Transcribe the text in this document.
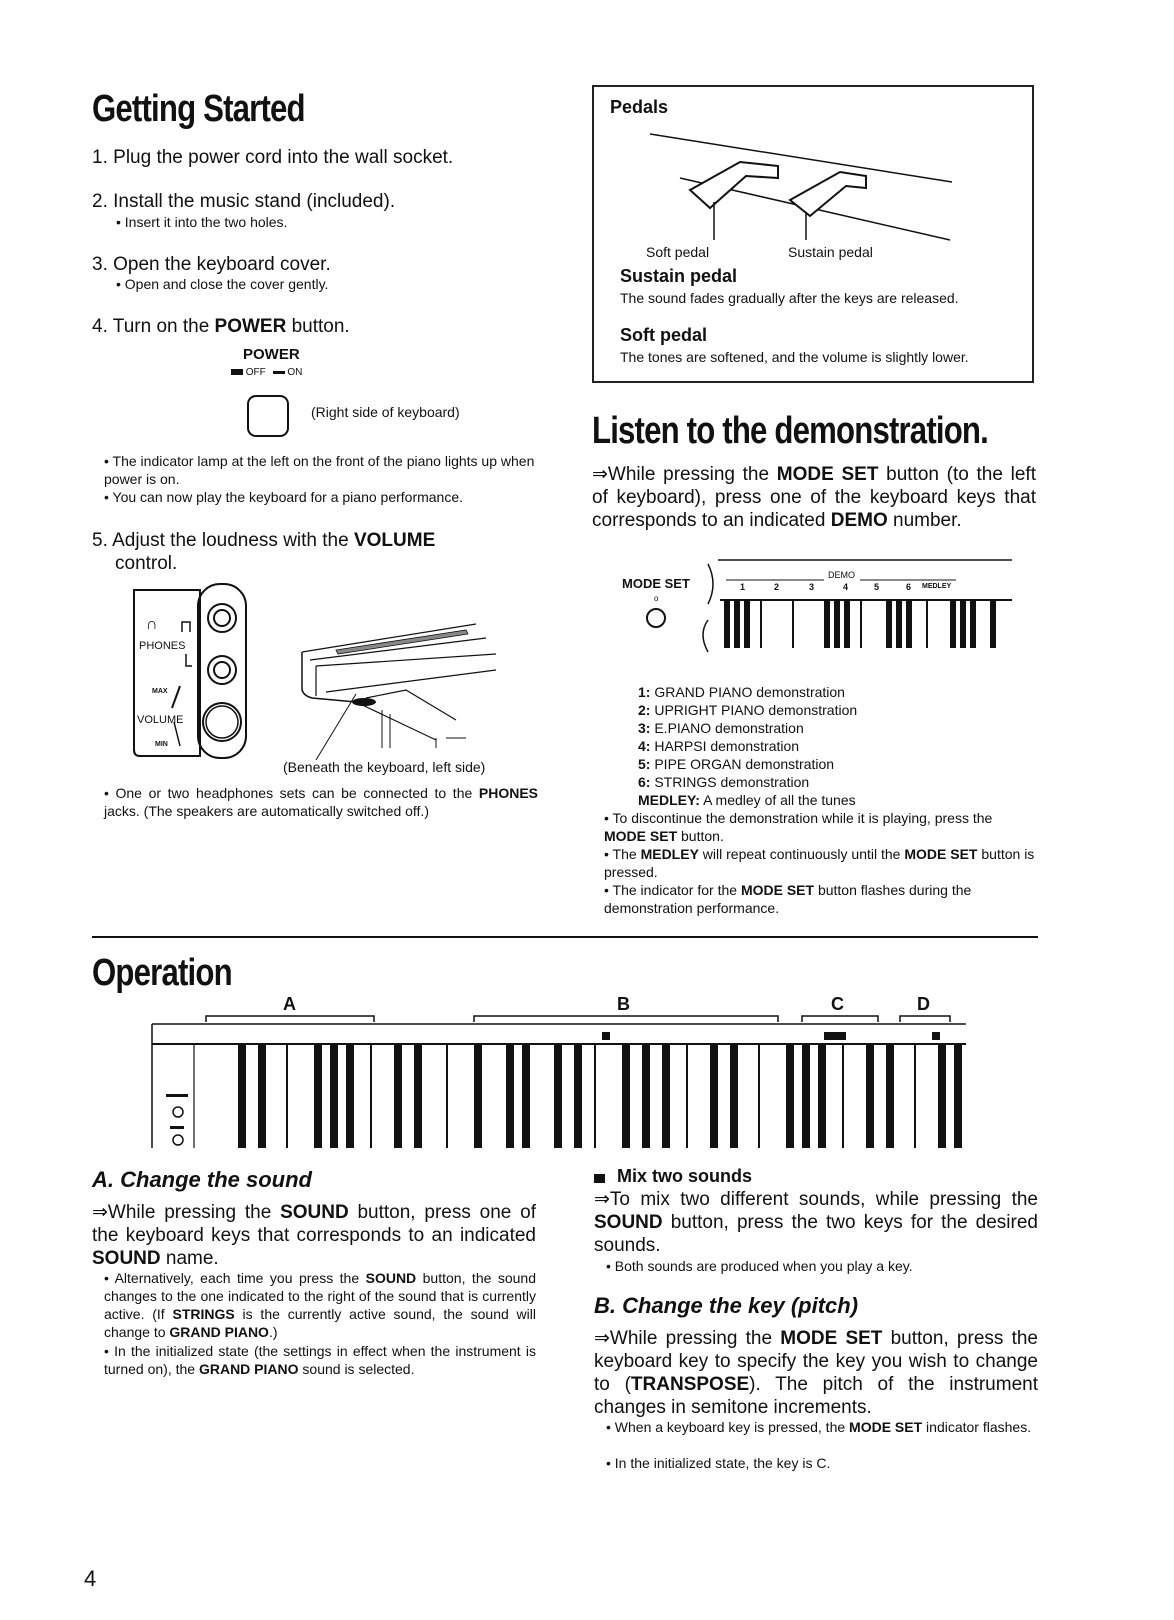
Getting Started
1. Plug the power cord into the wall socket.
2. Install the music stand (included).
• Insert it into the two holes.
3. Open the keyboard cover.
• Open and close the cover gently.
4. Turn on the POWER button.
POWER
OFF ON
(Right side of keyboard)
• The indicator lamp at the left on the front of the piano lights up when power is on.
• You can now play the keyboard for a piano performance.
5. Adjust the loudness with the VOLUME
control.
∩
PHONES
MAX
VOLUME
MIN
(Beneath the keyboard, left side)
• One or two headphones sets can be connected to the PHONES jacks. (The speakers are automatically switched off.)
Pedals
Soft pedal	Sustain pedal
Sustain pedal
The sound fades gradually after the keys are released.
Soft pedal
The tones are softened, and the volume is slightly lower.
Listen to the demonstration.
⇒While pressing the MODE SET button (to the left of keyboard), press one of the keyboard keys that corresponds to an indicated DEMO number.
MODE SET
o
DEMO
1	2	3	4	5	6 MEDLEY
1: GRAND PIANO demonstration
2: UPRIGHT PIANO demonstration
3: E.PIANO demonstration
4: HARPSI demonstration
5: PIPE ORGAN demonstration
6: STRINGS demonstration
MEDLEY: A medley of all the tunes
• To discontinue the demonstration while it is playing, press the MODE SET button.
• The MEDLEY will repeat continuously until the MODE SET button is pressed.
• The indicator for the MODE SET button flashes during the demonstration performance.
Operation
A	B	C	D
A. Change the sound
⇒While pressing the SOUND button, press one of the keyboard keys that corresponds to an indicated SOUND name.
• Alternatively, each time you press the SOUND button, the sound changes to the one indicated to the right of the sound that is currently active. (If STRINGS is the currently active sound, the sound will change to GRAND PIANO.)
• In the initialized state (the settings in effect when the instrument is turned on), the GRAND PIANO sound is selected.
Mix two sounds
⇒To mix two different sounds, while pressing the SOUND button, press the two keys for the desired sounds.
• Both sounds are produced when you play a key.
B. Change the key (pitch)
⇒While pressing the MODE SET button, press the keyboard key to specify the key you wish to change to (TRANSPOSE). The pitch of the instrument changes in semitone increments.
• When a keyboard key is pressed, the MODE SET indicator flashes.
• In the initialized state, the key is C.
4
